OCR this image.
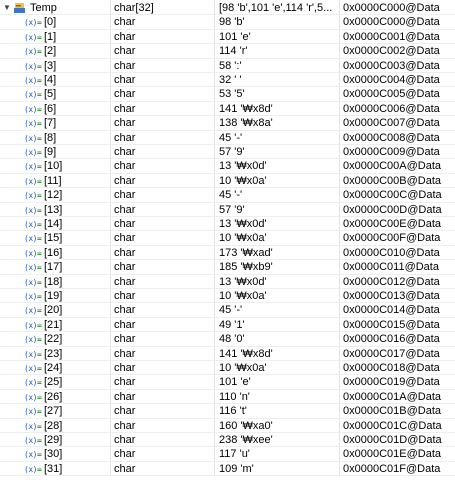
▼ Temp	char[32]	[98 'b',101 'e',114 'r',5... 0x0000C000@Data
(x)= [0]	char	98 'b'	0x0000C000@Data
(x)= [1]	char	101 'e'	0x0000C001@Data
(x)= [2]	char	114 'r'	0x0000C002@Data
(x)= [3]	char	58 ':'	0x0000C003@Data
(x)= [4]	char	32 ' '	0x0000C004@Data
(x)= [5]	char	53 '5'	0x0000C005@Data
(x)= [6]	char	141 '₩x8d'	0x0000C006@Data
(x)= [7]	char	138 '₩x8a'	0x0000C007@Data
(x)= [8]	char	45 '-'	0x0000C008@Data
(x)= [9]	char	57 '9'	0x0000C009@Data
(x)= [10]	char	13 '₩x0d'	0x0000C00A@Data
(x)= [11]	char	10 '₩x0a'	0x0000C00B@Data
(x)= [12]	char	45 '-'	0x0000C00C@Data
(x)= [13]	char	57 '9'	0x0000C00D@Data
(x)= [14]	char	13 '₩x0d'	0x0000C00E@Data
(x)= [15]	char	10 '₩x0a'	0x0000C00F@Data
(x)= [16]	char	173 '₩xad'	0x0000C010@Data
(x)= [17]	char	185 '₩xb9'	0x0000C011@Data
(x)= [18]	char	13 '₩x0d'	0x0000C012@Data
(x)= [19]	char	10 '₩x0a'	0x0000C013@Data
(x)= [20]	char	45 '-'	0x0000C014@Data
(x)= [21]	char	49 '1'	0x0000C015@Data
(x)= [22]	char	48 '0'	0x0000C016@Data
(x)= [23]	char	141 '₩x8d'	0x0000C017@Data
(x)= [24]	char	10 '₩x0a'	0x0000C018@Data
(x)= [25]	char	101 'e'	0x0000C019@Data
(x)= [26]	char	110 'n'	0x0000C01A@Data
(x)= [27]	char	116 't'	0x0000C01B@Data
(x)= [28]	char	160 '₩xa0'	0x0000C01C@Data
(x)= [29]	char	238 '₩xee'	0x0000C01D@Data
(x)= [30]	char	117 'u'	0x0000C01E@Data
(x)= [31]	char	109 'm'	0x0000C01F@Data
